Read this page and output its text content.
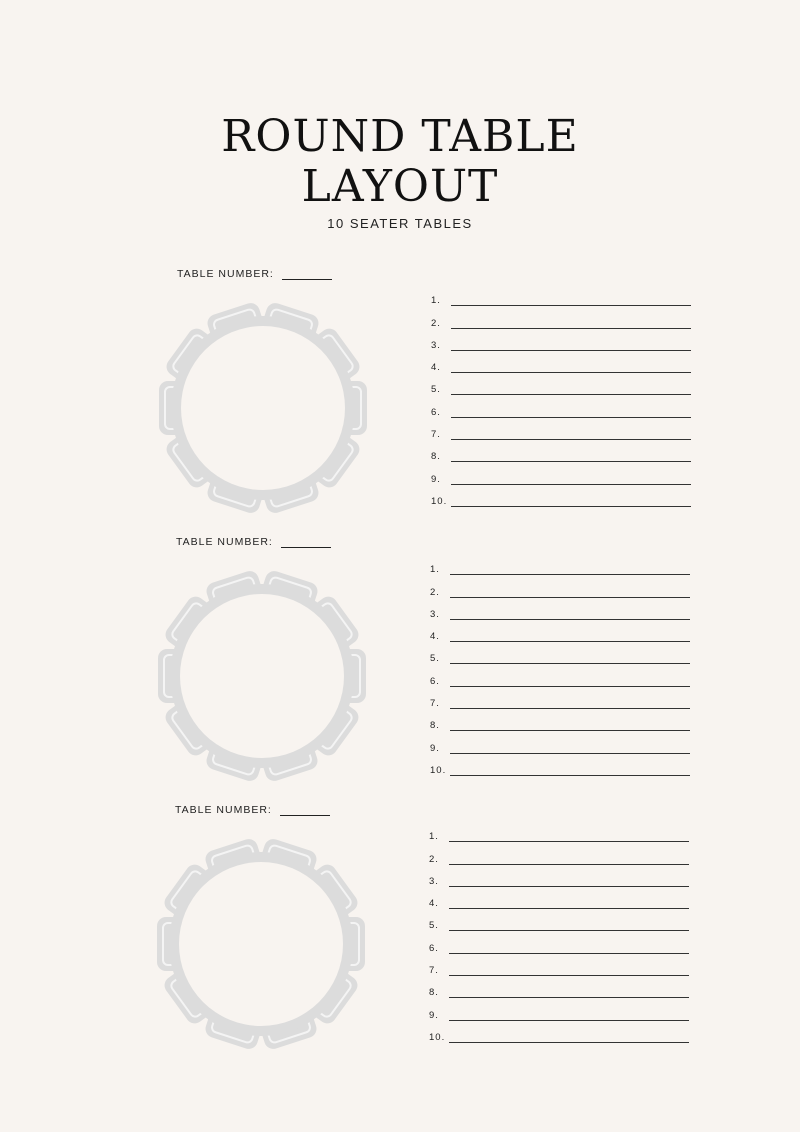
ROUND TABLE
LAYOUT
10 SEATER TABLES
TABLE NUMBER:
1.
2.
3.
4.
5.
6.
7.
8.
9.
10.
TABLE NUMBER:
1.
2.
3.
4.
5.
6.
7.
8.
9.
10.
TABLE NUMBER:
1.
2.
3.
4.
5.
6.
7.
8.
9.
10.
